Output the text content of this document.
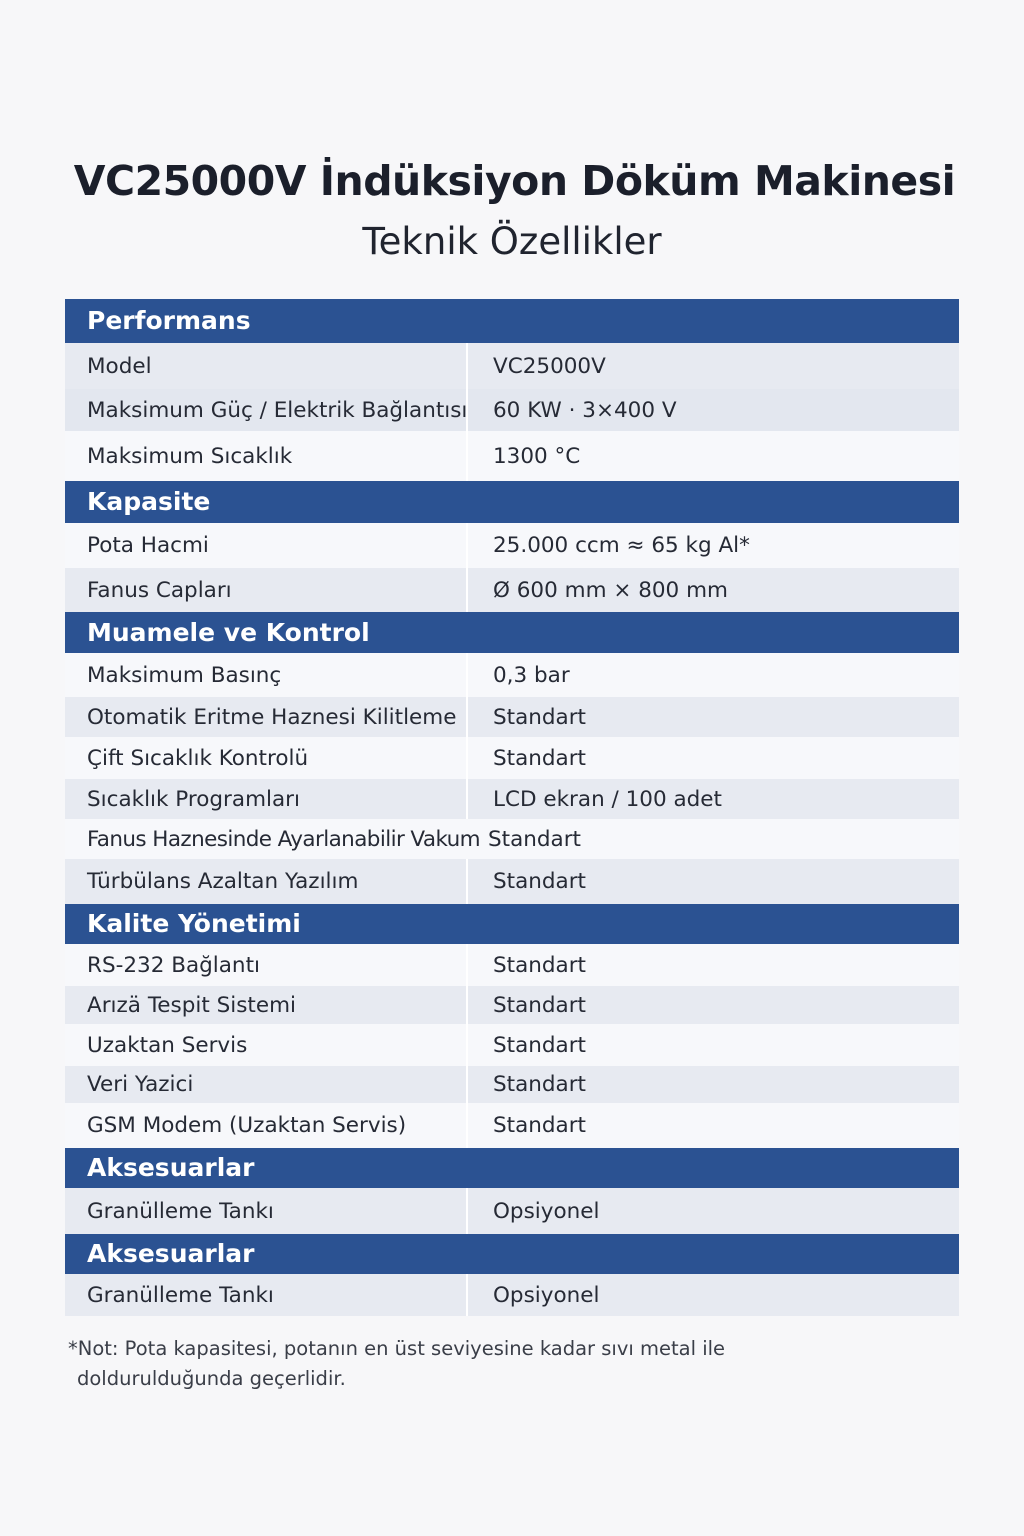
VC25000V İndüksiyon Döküm Makinesi
Teknik Özellikler
Performans
Model	VC25000V
Maksimum Güç / Elektrik Bağlantısı	60 KW · 3×400 V
Maksimum Sıcaklık	1300 °C
Kapasite
Pota Hacmi	25.000 ccm ≈ 65 kg Al*
Fanus Capları	Ø 600 mm × 800 mm
Muamele ve Kontrol
Maksimum Basınç	0,3 bar
Otomatik Eritme Haznesi Kilitleme	Standart
Çift Sıcaklık Kontrolü	Standart
Sıcaklık Programları	LCD ekran / 100 adet
Fanus Haznesinde Ayarlanabilir Vakum Standart
Türbülans Azaltan Yazılım	Standart
Kalite Yönetimi
RS-232 Bağlantı	Standart
Arızä Tespit Sistemi	Standart
Uzaktan Servis	Standart
Veri Yazici	Standart
GSM Modem (Uzaktan Servis)	Standart
Aksesuarlar
Granülleme Tankı	Opsiyonel
Aksesuarlar
Granülleme Tankı	Opsiyonel
*Not: Pota kapasitesi, potanın en üst seviyesine kadar sıvı metal ile
doldurulduğunda geçerlidir.
